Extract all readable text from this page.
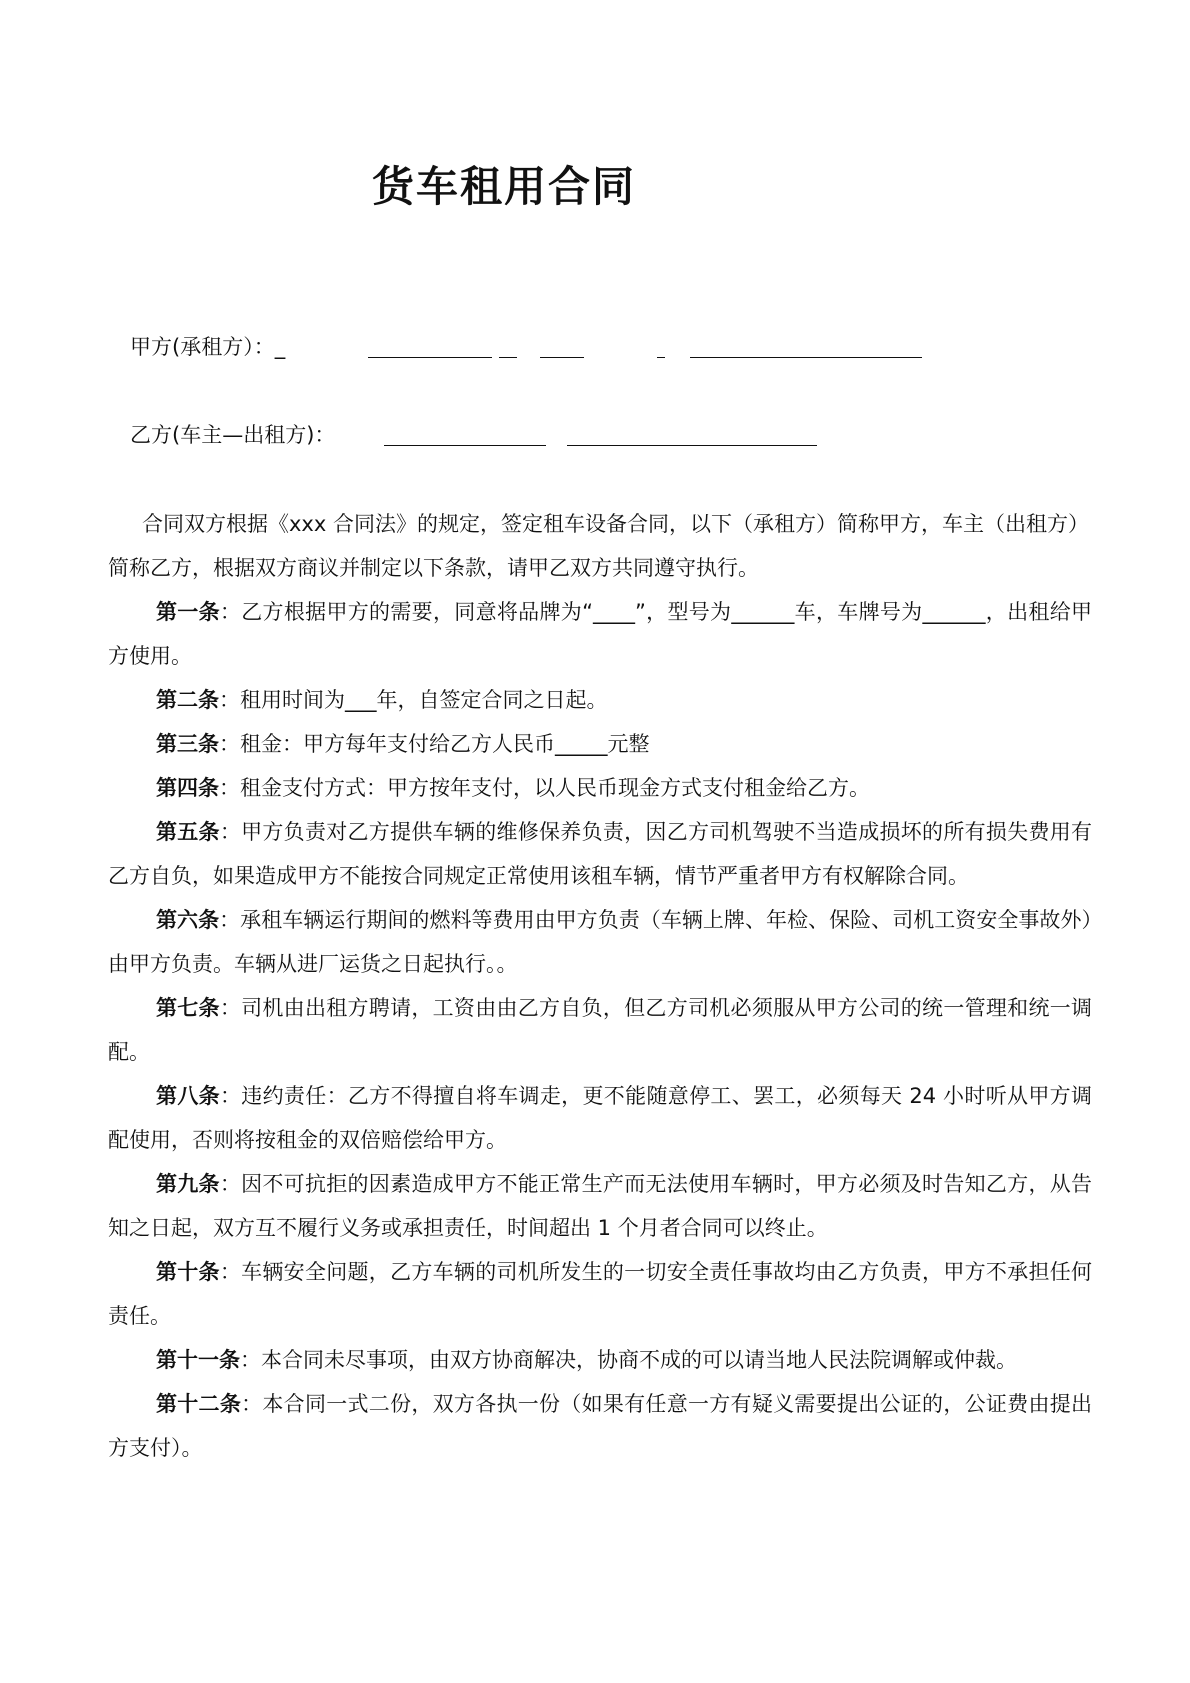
货车租用合同
甲方(承租方）：_
乙方(车主—出租方)：

合同双方根据《xxx 合同法》的规定，签定租车设备合同，以下（承租方）简称甲方，车主（出租方）简称乙方，根据双方商议并制定以下条款，请甲乙双方共同遵守执行。

第一条：乙方根据甲方的需要，同意将品牌为“____”，型号为______车，车牌号为______，出租给甲方使用。

第二条：租用时间为___年，自签定合同之日起。

第三条：租金：甲方每年支付给乙方人民币_____元整

第四条：租金支付方式：甲方按年支付，以人民币现金方式支付租金给乙方。

第五条：甲方负责对乙方提供车辆的维修保养负责，因乙方司机驾驶不当造成损坏的所有损失费用有乙方自负，如果造成甲方不能按合同规定正常使用该租车辆，情节严重者甲方有权解除合同。

第六条：承租车辆运行期间的燃料等费用由甲方负责（车辆上牌、年检、保险、司机工资安全事故外）由甲方负责。车辆从进厂运货之日起执行。。

第七条：司机由出租方聘请，工资由由乙方自负，但乙方司机必须服从甲方公司的统一管理和统一调配。

第八条：违约责任：乙方不得擅自将车调走，更不能随意停工、罢工，必须每天 24 小时听从甲方调配使用，否则将按租金的双倍赔偿给甲方。

第九条：因不可抗拒的因素造成甲方不能正常生产而无法使用车辆时，甲方必须及时告知乙方，从告知之日起，双方互不履行义务或承担责任，时间超出 1 个月者合同可以终止。

第十条：车辆安全问题，乙方车辆的司机所发生的一切安全责任事故均由乙方负责，甲方不承担任何责任。

第十一条：本合同未尽事项，由双方协商解决，协商不成的可以请当地人民法院调解或仲裁。

第十二条：本合同一式二份，双方各执一份（如果有任意一方有疑义需要提出公证的，公证费由提出方支付）。
